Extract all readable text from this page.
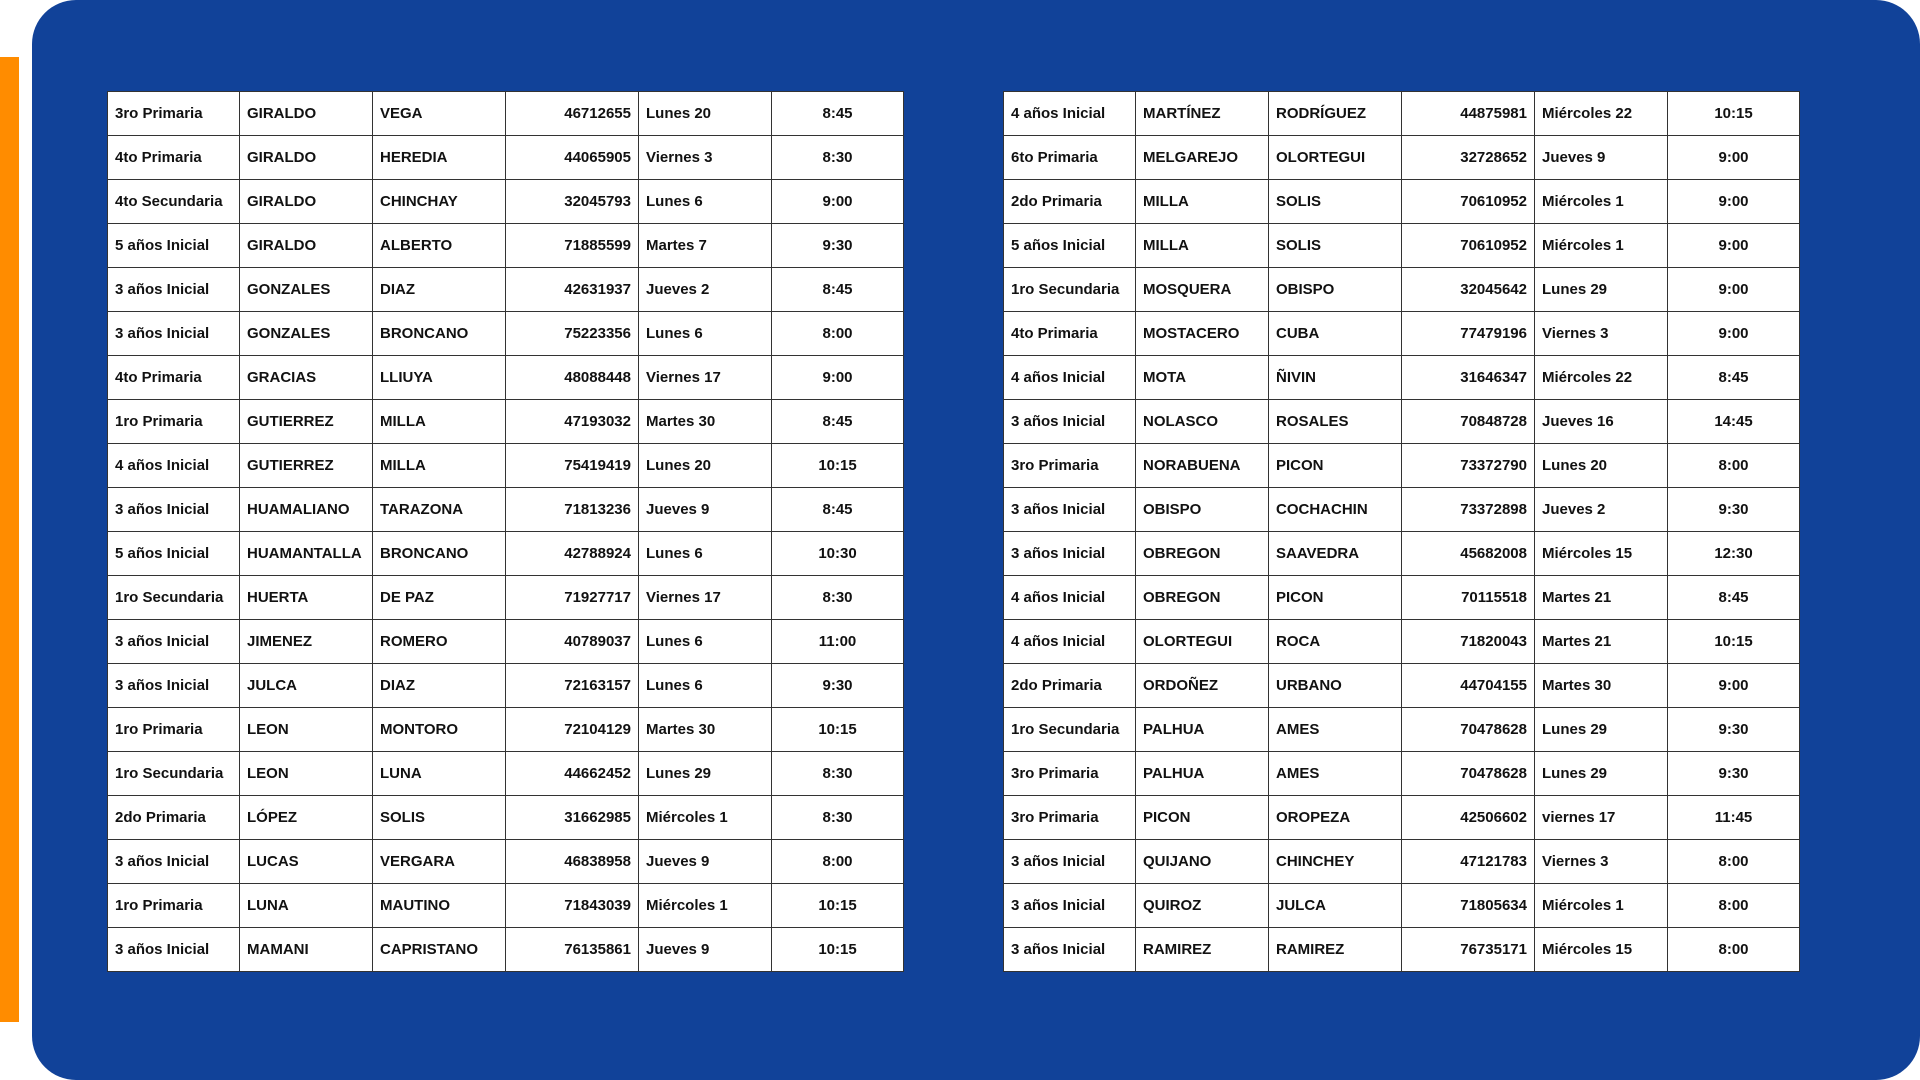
3ro Primaria	GIRALDO	VEGA	46712655	Lunes 20	8:45
4to Primaria	GIRALDO	HEREDIA	44065905	Viernes 3	8:30
4to Secundaria	GIRALDO	CHINCHAY	32045793	Lunes 6	9:00
5 años Inicial	GIRALDO	ALBERTO	71885599	Martes 7	9:30
3 años Inicial	GONZALES	DIAZ	42631937	Jueves 2	8:45
3 años Inicial	GONZALES	BRONCANO	75223356	Lunes 6	8:00
4to Primaria	GRACIAS	LLIUYA	48088448	Viernes 17	9:00
1ro Primaria	GUTIERREZ	MILLA	47193032	Martes 30	8:45
4 años Inicial	GUTIERREZ	MILLA	75419419	Lunes 20	10:15
3 años Inicial	HUAMALIANO	TARAZONA	71813236	Jueves 9	8:45
5 años Inicial	HUAMANTALLA	BRONCANO	42788924	Lunes 6	10:30
1ro Secundaria	HUERTA	DE PAZ	71927717	Viernes 17	8:30
3 años Inicial	JIMENEZ	ROMERO	40789037	Lunes 6	11:00
3 años Inicial	JULCA	DIAZ	72163157	Lunes 6	9:30
1ro Primaria	LEON	MONTORO	72104129	Martes 30	10:15
1ro Secundaria	LEON	LUNA	44662452	Lunes 29	8:30
2do Primaria	LÓPEZ	SOLIS	31662985	Miércoles 1	8:30
3 años Inicial	LUCAS	VERGARA	46838958	Jueves 9	8:00
1ro Primaria	LUNA	MAUTINO	71843039	Miércoles 1	10:15
3 años Inicial	MAMANI	CAPRISTANO	76135861	Jueves 9	10:15
4 años Inicial	MARTÍNEZ	RODRÍGUEZ	44875981	Miércoles 22	10:15
6to Primaria	MELGAREJO	OLORTEGUI	32728652	Jueves 9	9:00
2do Primaria	MILLA	SOLIS	70610952	Miércoles 1	9:00
5 años Inicial	MILLA	SOLIS	70610952	Miércoles 1	9:00
1ro Secundaria	MOSQUERA	OBISPO	32045642	Lunes 29	9:00
4to Primaria	MOSTACERO	CUBA	77479196	Viernes 3	9:00
4 años Inicial	MOTA	ÑIVIN	31646347	Miércoles 22	8:45
3 años Inicial	NOLASCO	ROSALES	70848728	Jueves 16	14:45
3ro Primaria	NORABUENA	PICON	73372790	Lunes 20	8:00
3 años Inicial	OBISPO	COCHACHIN	73372898	Jueves 2	9:30
3 años Inicial	OBREGON	SAAVEDRA	45682008	Miércoles 15	12:30
4 años Inicial	OBREGON	PICON	70115518	Martes 21	8:45
4 años Inicial	OLORTEGUI	ROCA	71820043	Martes 21	10:15
2do Primaria	ORDOÑEZ	URBANO	44704155	Martes 30	9:00
1ro Secundaria	PALHUA	AMES	70478628	Lunes 29	9:30
3ro Primaria	PALHUA	AMES	70478628	Lunes 29	9:30
3ro Primaria	PICON	OROPEZA	42506602	viernes 17	11:45
3 años Inicial	QUIJANO	CHINCHEY	47121783	Viernes 3	8:00
3 años Inicial	QUIROZ	JULCA	71805634	Miércoles 1	8:00
3 años Inicial	RAMIREZ	RAMIREZ	76735171	Miércoles 15	8:00
